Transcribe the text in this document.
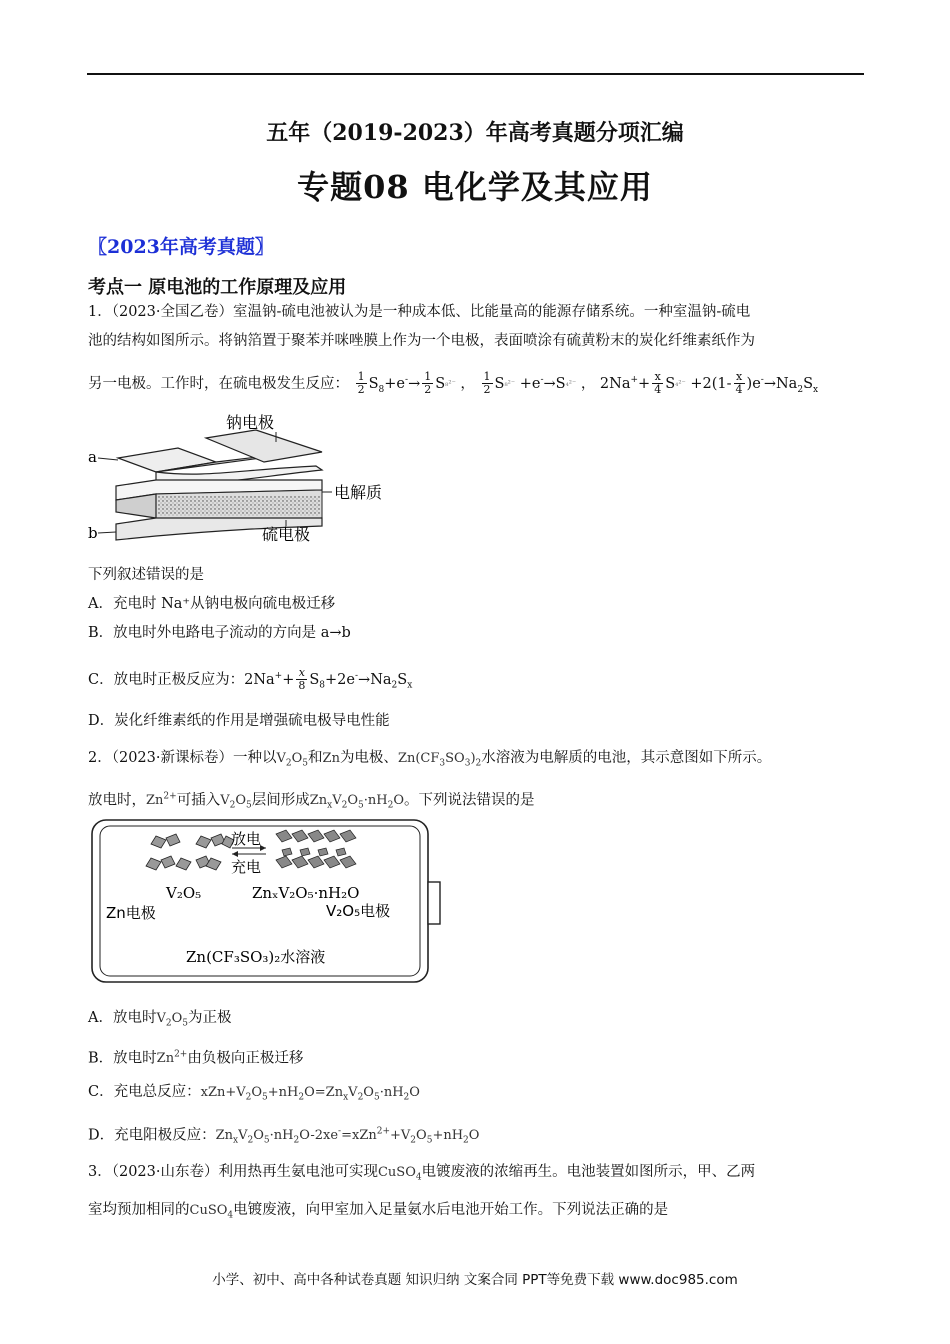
五年（2019-2023）年高考真题分项汇编
专题08 电化学及其应用
〖2023年高考真题〗
考点一 原电池的工作原理及应用
1．（2023·全国乙卷）室温钠-硫电池被认为是一种成本低、比能量高的能源存储系统。一种室温钠-硫电
池的结构如图所示。将钠箔置于聚苯并咪唑膜上作为一个电极，表面喷涂有硫黄粉末的炭化纤维素纸作为
另一电极。工作时，在硫电极发生反应： $\frac{1}{2} S_8+e^-\to \frac{1}{2} S_8^{2-}$ ， $\frac{1}{2} S_8^{2-} +e^-\to S_4^{2-}$ ， $2Na^++ \frac{x}{4} S_4^{2-} +2(1- \frac{x}{4} )e^-\to Na_2S_x$
a
b
钠电极
电解质
硫电极
下列叙述错误的是
A．充电时 Na⁺从钠电极向硫电极迁移
B．放电时外电路电子流动的方向是 a→b
C．放电时正极反应为：$2Na^++ \frac{x}{8} S_8+2e^-\to Na_2S_x$
D．炭化纤维素纸的作用是增强硫电极导电性能
2．（2023·新课标卷）一种以$V_2O_5$和Zn为电极、$Zn(CF_3SO_3)_2$水溶液为电解质的电池，其示意图如下所示。
放电时，$Zn^{2+}$可插入$V_2O_5$层间形成$Zn_xV_2O_5\cdot nH_2O$。下列说法错误的是
放电
充电
V₂O₅	ZnₓV₂O₅·nH₂O
Zn电极	V₂O₅电极
Zn(CF₃SO₃)₂水溶液
A．放电时$V_2O_5$为正极
B．放电时$Zn^{2+}$由负极向正极迁移
C．充电总反应：$xZn+V_2O_5+nH_2O=Zn_xV_2O_5\cdot nH_2O$
D．充电阳极反应：$Zn_xV_2O_5\cdot nH_2O-2xe^-=xZn^{2+}+V_2O_5+nH_2O$
3．（2023·山东卷）利用热再生氨电池可实现CuSO$_4$电镀废液的浓缩再生。电池装置如图所示，甲、乙两
室均预加相同的CuSO$_4$电镀废液，向甲室加入足量氨水后电池开始工作。下列说法正确的是
小学、初中、高中各种试卷真题 知识归纳 文案合同 PPT等免费下载 www.doc985.com
